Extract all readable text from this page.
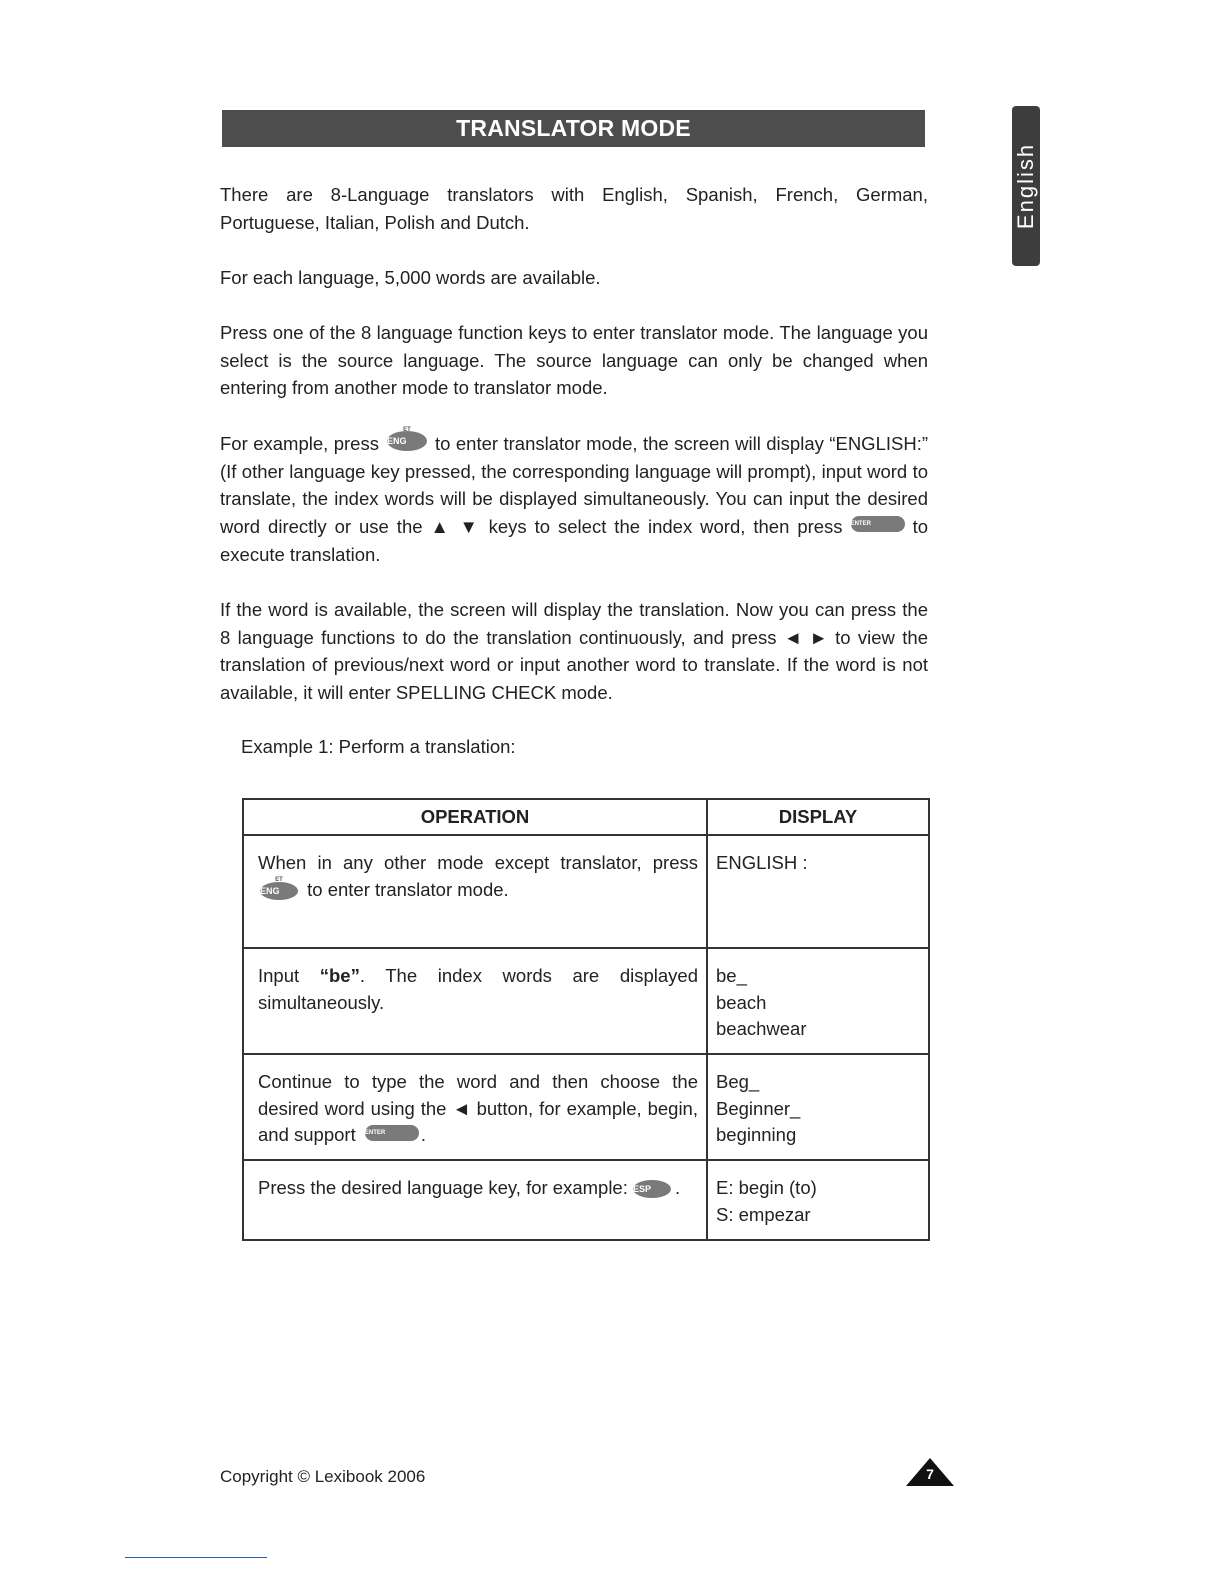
TRANSLATOR MODE
English

There are 8-Language translators with English, Spanish, French, German, Portuguese, Italian, Polish and Dutch.

For each language, 5,000 words are available.

Press one of the 8 language function keys to enter translator mode. The language you select is the source language. The source language can only be changed when entering from another mode to translator mode.

For example, press
ET
ENG to enter translator mode, the screen will display “ENGLISH:” (If other language key pressed, the corresponding language will prompt), input word to translate, the index words will be displayed simultaneously. You can input the desired word directly or use the ▲ ▼ keys to select the index word, then press ENTER to execute translation.

If the word is available, the screen will display the translation. Now you can press the 8 language functions to do the translation continuously, and press ◄ ► to view the translation of previous/next word or input another word to translate. If the word is not available, it will enter SPELLING CHECK mode.

Example 1: Perform a translation:
OPERATION	DISPLAY
When in any other mode except translator, press
ET
ENG to enter translator mode.	ENGLISH :

Input “be”. The index words are displayed simultaneously.	be_
beach
beachwear

Continue to type the word and then choose the desired word using the ◄ button, for example, begin, and support ENTER .	Beg_
Beginner_
beginning

Press the desired language key, for example: ESP .	E: begin (to)
S: empezar
Copyright © Lexibook 2006	7
